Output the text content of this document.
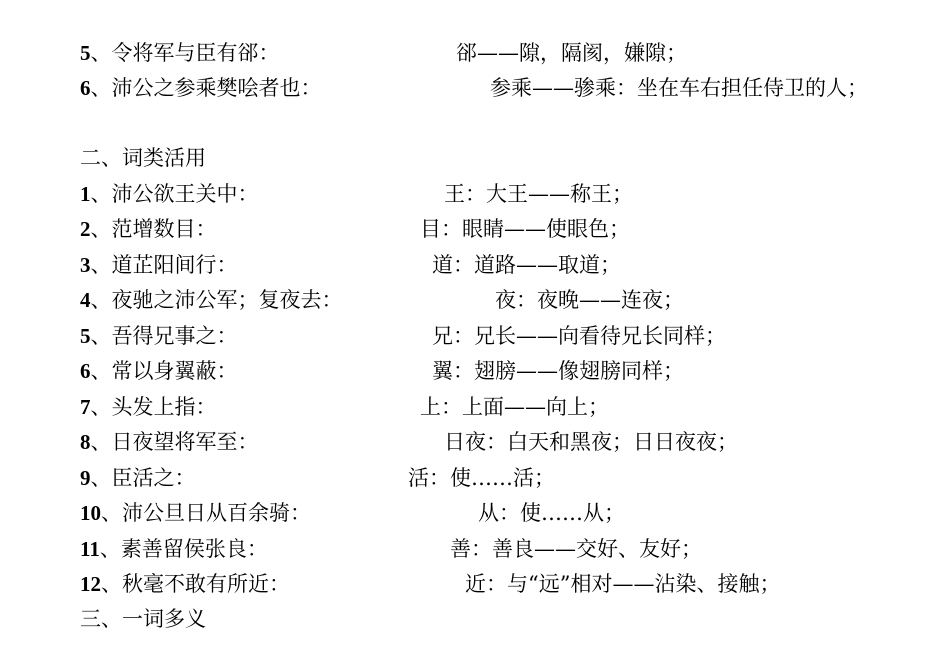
5、令将军与臣有郤：	郤——隙，隔阂，嫌隙；
6、沛公之参乘樊哙者也：	参乘——骖乘：坐在车右担任侍卫的人；
二、词类活用
1、沛公欲王关中：	王：大王——称王；
2、范增数目：	目：眼睛——使眼色；
3、道芷阳间行：	道：道路——取道；
4、夜驰之沛公军；复夜去：	夜：夜晚——连夜；
5、吾得兄事之：	兄：兄长——向看待兄长同样；
6、常以身翼蔽：	翼：翅膀——像翅膀同样；
7、头发上指：	上：上面——向上；
8、日夜望将军至：	日夜：白天和黑夜；日日夜夜；
9、臣活之：	活：使……活；
10、沛公旦日从百余骑：	从：使……从；
11、素善留侯张良：	善：善良——交好、友好；
12、秋毫不敢有所近：	近：与“远”相对——沾染、接触；
三、一词多义
